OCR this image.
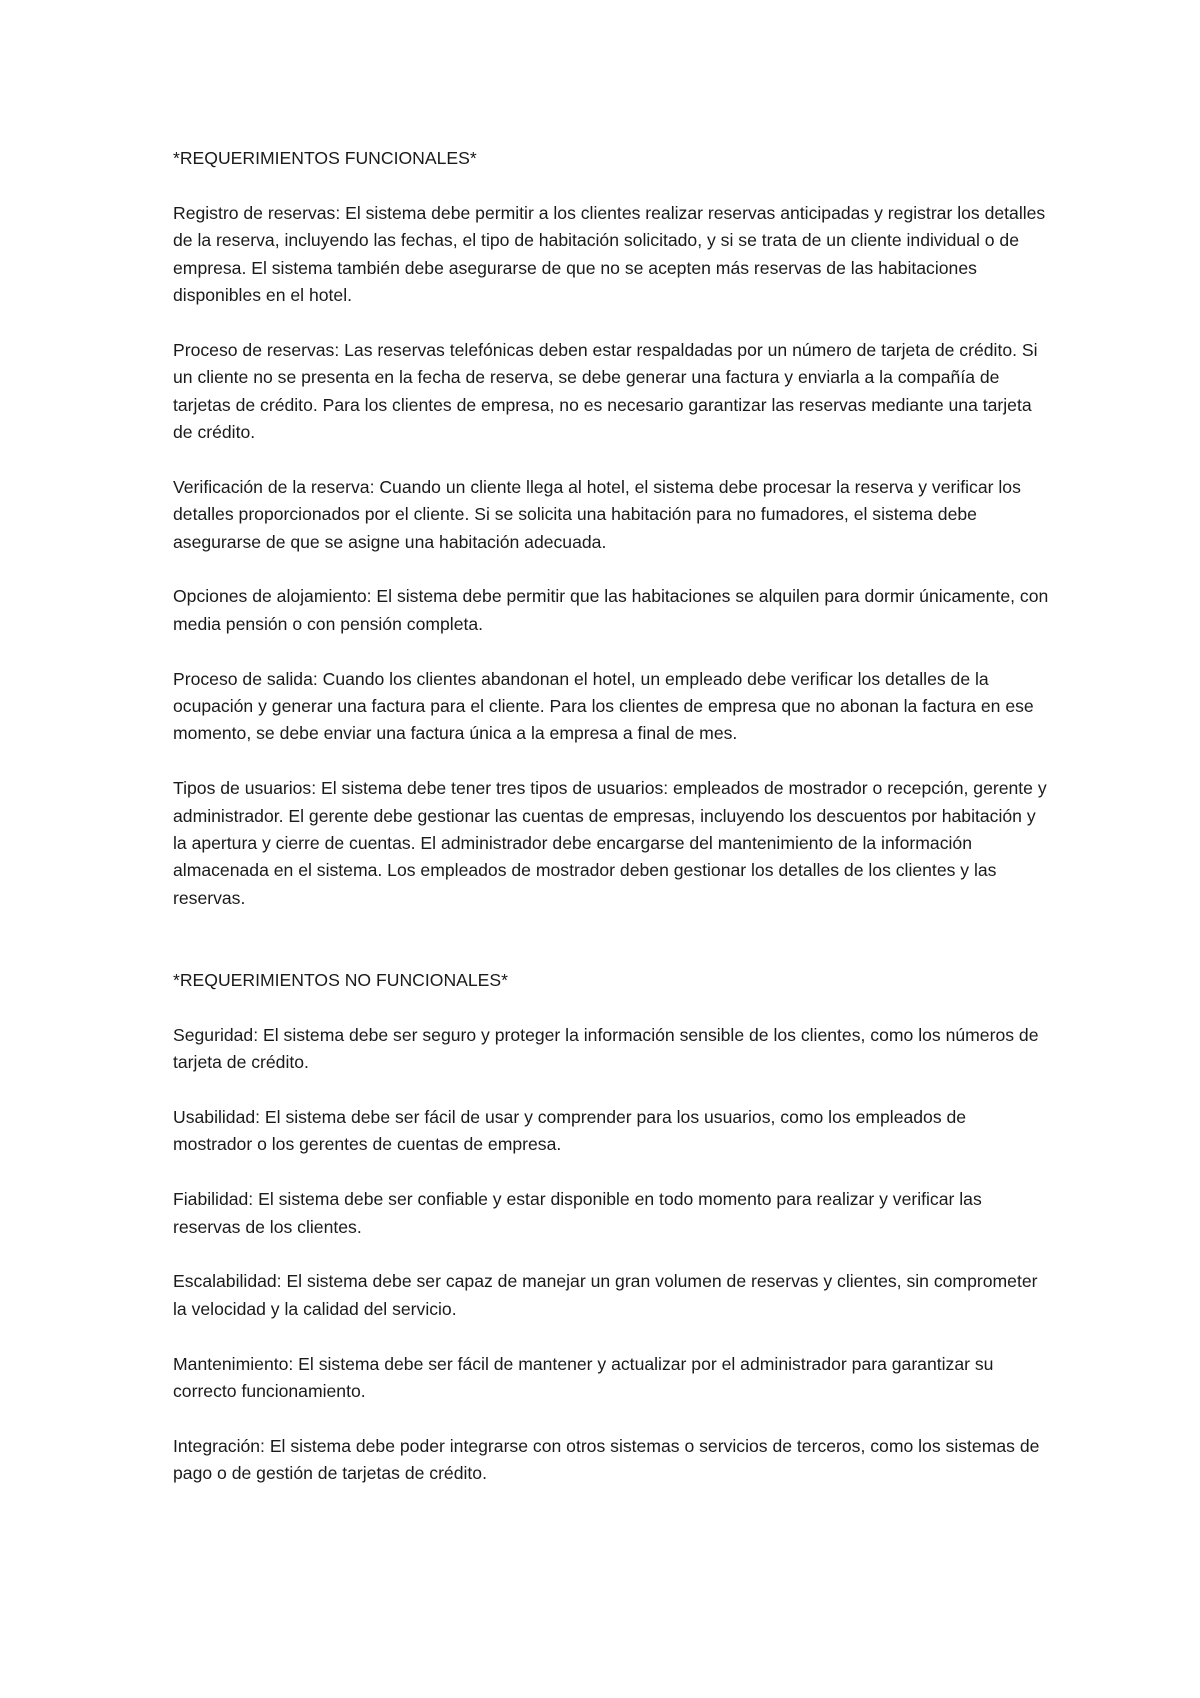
*REQUERIMIENTOS FUNCIONALES*

Registro de reservas: El sistema debe permitir a los clientes realizar reservas anticipadas y registrar los detalles de la reserva, incluyendo las fechas, el tipo de habitación solicitado, y si se trata de un cliente individual o de empresa. El sistema también debe asegurarse de que no se acepten más reservas de las habitaciones disponibles en el hotel.

Proceso de reservas: Las reservas telefónicas deben estar respaldadas por un número de tarjeta de crédito. Si un cliente no se presenta en la fecha de reserva, se debe generar una factura y enviarla a la compañía de tarjetas de crédito. Para los clientes de empresa, no es necesario garantizar las reservas mediante una tarjeta de crédito.

Verificación de la reserva: Cuando un cliente llega al hotel, el sistema debe procesar la reserva y verificar los detalles proporcionados por el cliente. Si se solicita una habitación para no fumadores, el sistema debe asegurarse de que se asigne una habitación adecuada.

Opciones de alojamiento: El sistema debe permitir que las habitaciones se alquilen para dormir únicamente, con media pensión o con pensión completa.

Proceso de salida: Cuando los clientes abandonan el hotel, un empleado debe verificar los detalles de la ocupación y generar una factura para el cliente. Para los clientes de empresa que no abonan la factura en ese momento, se debe enviar una factura única a la empresa a final de mes.

Tipos de usuarios: El sistema debe tener tres tipos de usuarios: empleados de mostrador o recepción, gerente y administrador. El gerente debe gestionar las cuentas de empresas, incluyendo los descuentos por habitación y la apertura y cierre de cuentas. El administrador debe encargarse del mantenimiento de la información almacenada en el sistema. Los empleados de mostrador deben gestionar los detalles de los clientes y las reservas.

*REQUERIMIENTOS NO FUNCIONALES*

Seguridad: El sistema debe ser seguro y proteger la información sensible de los clientes, como los números de tarjeta de crédito.

Usabilidad: El sistema debe ser fácil de usar y comprender para los usuarios, como los empleados de mostrador o los gerentes de cuentas de empresa.

Fiabilidad: El sistema debe ser confiable y estar disponible en todo momento para realizar y verificar las reservas de los clientes.

Escalabilidad: El sistema debe ser capaz de manejar un gran volumen de reservas y clientes, sin comprometer la velocidad y la calidad del servicio.

Mantenimiento: El sistema debe ser fácil de mantener y actualizar por el administrador para garantizar su correcto funcionamiento.

Integración: El sistema debe poder integrarse con otros sistemas o servicios de terceros, como los sistemas de pago o de gestión de tarjetas de crédito.
